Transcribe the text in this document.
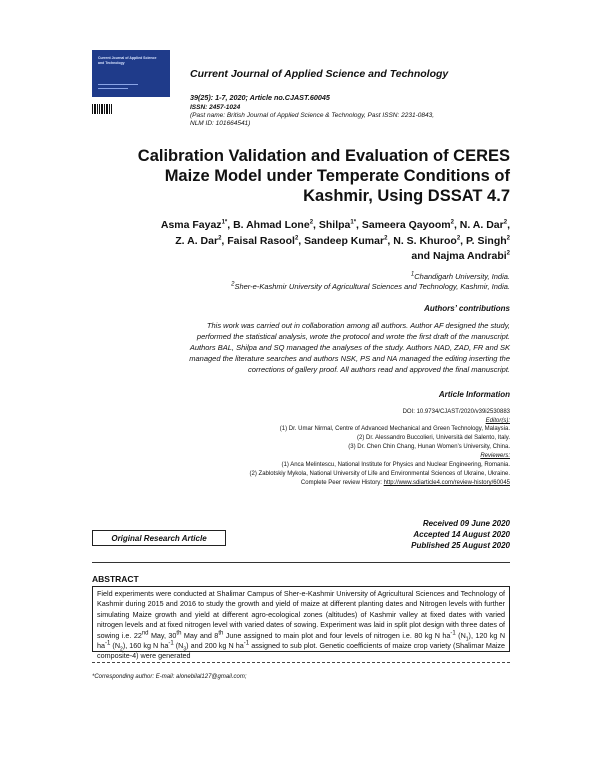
Current Journal of Applied Science and Technology
Current Journal of Applied Science and Technology
39(25): 1-7, 2020; Article no.CJAST.60045
ISSN: 2457-1024
(Past name: British Journal of Applied Science & Technology, Past ISSN: 2231-0843,
NLM ID: 101664541)
Calibration Validation and Evaluation of CERES
Maize Model under Temperate Conditions of
Kashmir, Using DSSAT 4.7
Asma Fayaz$^{1*}$, B. Ahmad Lone$^2$, Shilpa$^{1*}$, Sameera Qayoom$^2$, N. A. Dar$^2$,
Z. A. Dar$^2$, Faisal Rasool$^2$, Sandeep Kumar$^2$, N. S. Khuroo$^2$, P. Singh$^2$
and Najma Andrabi$^2$
$^1$Chandigarh University, India.
$^2$Sher-e-Kashmir University of Agricultural Sciences and Technology, Kashmir, India.
Authors’ contributions
This work was carried out in collaboration among all authors. Author AF designed the study,
performed the statistical analysis, wrote the protocol and wrote the first draft of the manuscript.
Authors BAL, Shilpa and SQ managed the analyses of the study. Authors NAD, ZAD, FR and SK
managed the literature searches and authors NSK, PS and NA managed the editing inserting the
corrections of gallery proof. All authors read and approved the final manuscript.
Article Information
DOI: 10.9734/CJAST/2020/v39i2530883
Editor(s):
(1) Dr. Umar Nirmal, Centre of Advanced Mechanical and Green Technology, Malaysia.
(2) Dr. Alessandro Buccolieri, Università del Salento, Italy.
(3) Dr. Chen Chin Chang, Hunan Women’s University, China.
Reviewers:
(1) Anca Melintescu, National Institute for Physics and Nuclear Engineering, Romania.
(2) Zablotskiy Mykola, National University of Life and Environmental Sciences of Ukraine, Ukraine.
Complete Peer review History: http://www.sdiarticle4.com/review-history/60045
Received 09 June 2020
Accepted 14 August 2020
Published 25 August 2020
Original Research Article
ABSTRACT
Field experiments were conducted at Shalimar Campus of Sher-e-Kashmir University of Agricultural Sciences and Technology of Kashmir during 2015 and 2016 to study the growth and yield of maize at different planting dates and Nitrogen levels with further simulating Maize growth and yield at different agro-ecological zones (altitudes) of Kashmir valley at fixed dates with varied nitrogen levels and at fixed nitrogen level with varied dates of sowing. Experiment was laid in split plot design with three dates of sowing i.e. 22nd May, 30th May and 8th June assigned to main plot and four levels of nitrogen i.e. 80 kg N $ha^{-1}$ $(N_1)$, 120 kg N $ha^{-1}$ $(N_2)$, 160 kg N $ha^{-1}$ $(N_3)$ and 200 kg N $ha^{-1}$ assigned to sub plot. Genetic coefficients of maize crop variety (Shalimar Maize composite-4) were generated
*Corresponding author: E-mail: alonebilal127@gmail.com;
